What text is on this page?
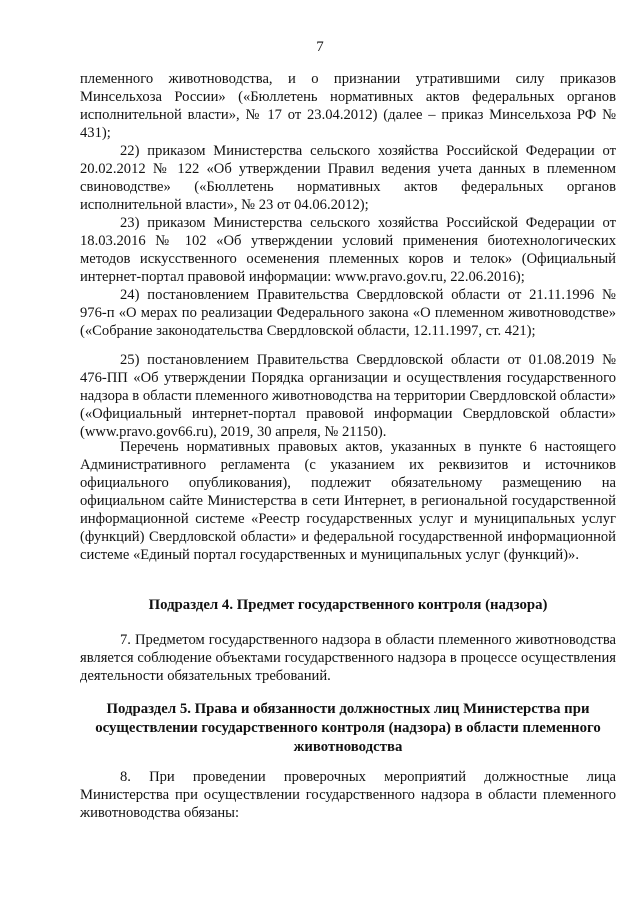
7
племенного животноводства, и о признании утратившими силу приказов Минсельхоза России» («Бюллетень нормативных актов федеральных органов исполнительной власти», № 17 от 23.04.2012) (далее – приказ Минсельхоза РФ № 431);
22) приказом Министерства сельского хозяйства Российской Федерации от 20.02.2012 № 122 «Об утверждении Правил ведения учета данных в племенном свиноводстве» («Бюллетень нормативных актов федеральных органов исполнительной власти», № 23 от 04.06.2012);
23) приказом Министерства сельского хозяйства Российской Федерации от 18.03.2016 № 102 «Об утверждении условий применения биотехнологических методов искусственного осеменения племенных коров и телок» (Официальный интернет-портал правовой информации: www.pravo.gov.ru, 22.06.2016);
24) постановлением Правительства Свердловской области от 21.11.1996 № 976-п «О мерах по реализации Федерального закона «О племенном животноводстве» («Собрание законодательства Свердловской области, 12.11.1997, ст. 421);
25) постановлением Правительства Свердловской области от 01.08.2019 № 476-ПП «Об утверждении Порядка организации и осуществления государственного надзора в области племенного животноводства на территории Свердловской области» («Официальный интернет-портал правовой информации Свердловской области» (www.pravo.gov66.ru), 2019, 30 апреля, № 21150).
Перечень нормативных правовых актов, указанных в пункте 6 настоящего Административного регламента (с указанием их реквизитов и источников официального опубликования), подлежит обязательному размещению на официальном сайте Министерства в сети Интернет, в региональной государственной информационной системе «Реестр государственных услуг и муниципальных услуг (функций) Свердловской области» и федеральной государственной информационной системе «Единый портал государственных и муниципальных услуг (функций)».
Подраздел 4. Предмет государственного контроля (надзора)
7. Предметом государственного надзора в области племенного животноводства является соблюдение объектами государственного надзора в процессе осуществления деятельности обязательных требований.
Подраздел 5. Права и обязанности должностных лиц Министерства при осуществлении государственного контроля (надзора) в области племенного животноводства
8. При проведении проверочных мероприятий должностные лица Министерства при осуществлении государственного надзора в области племенного животноводства обязаны:
